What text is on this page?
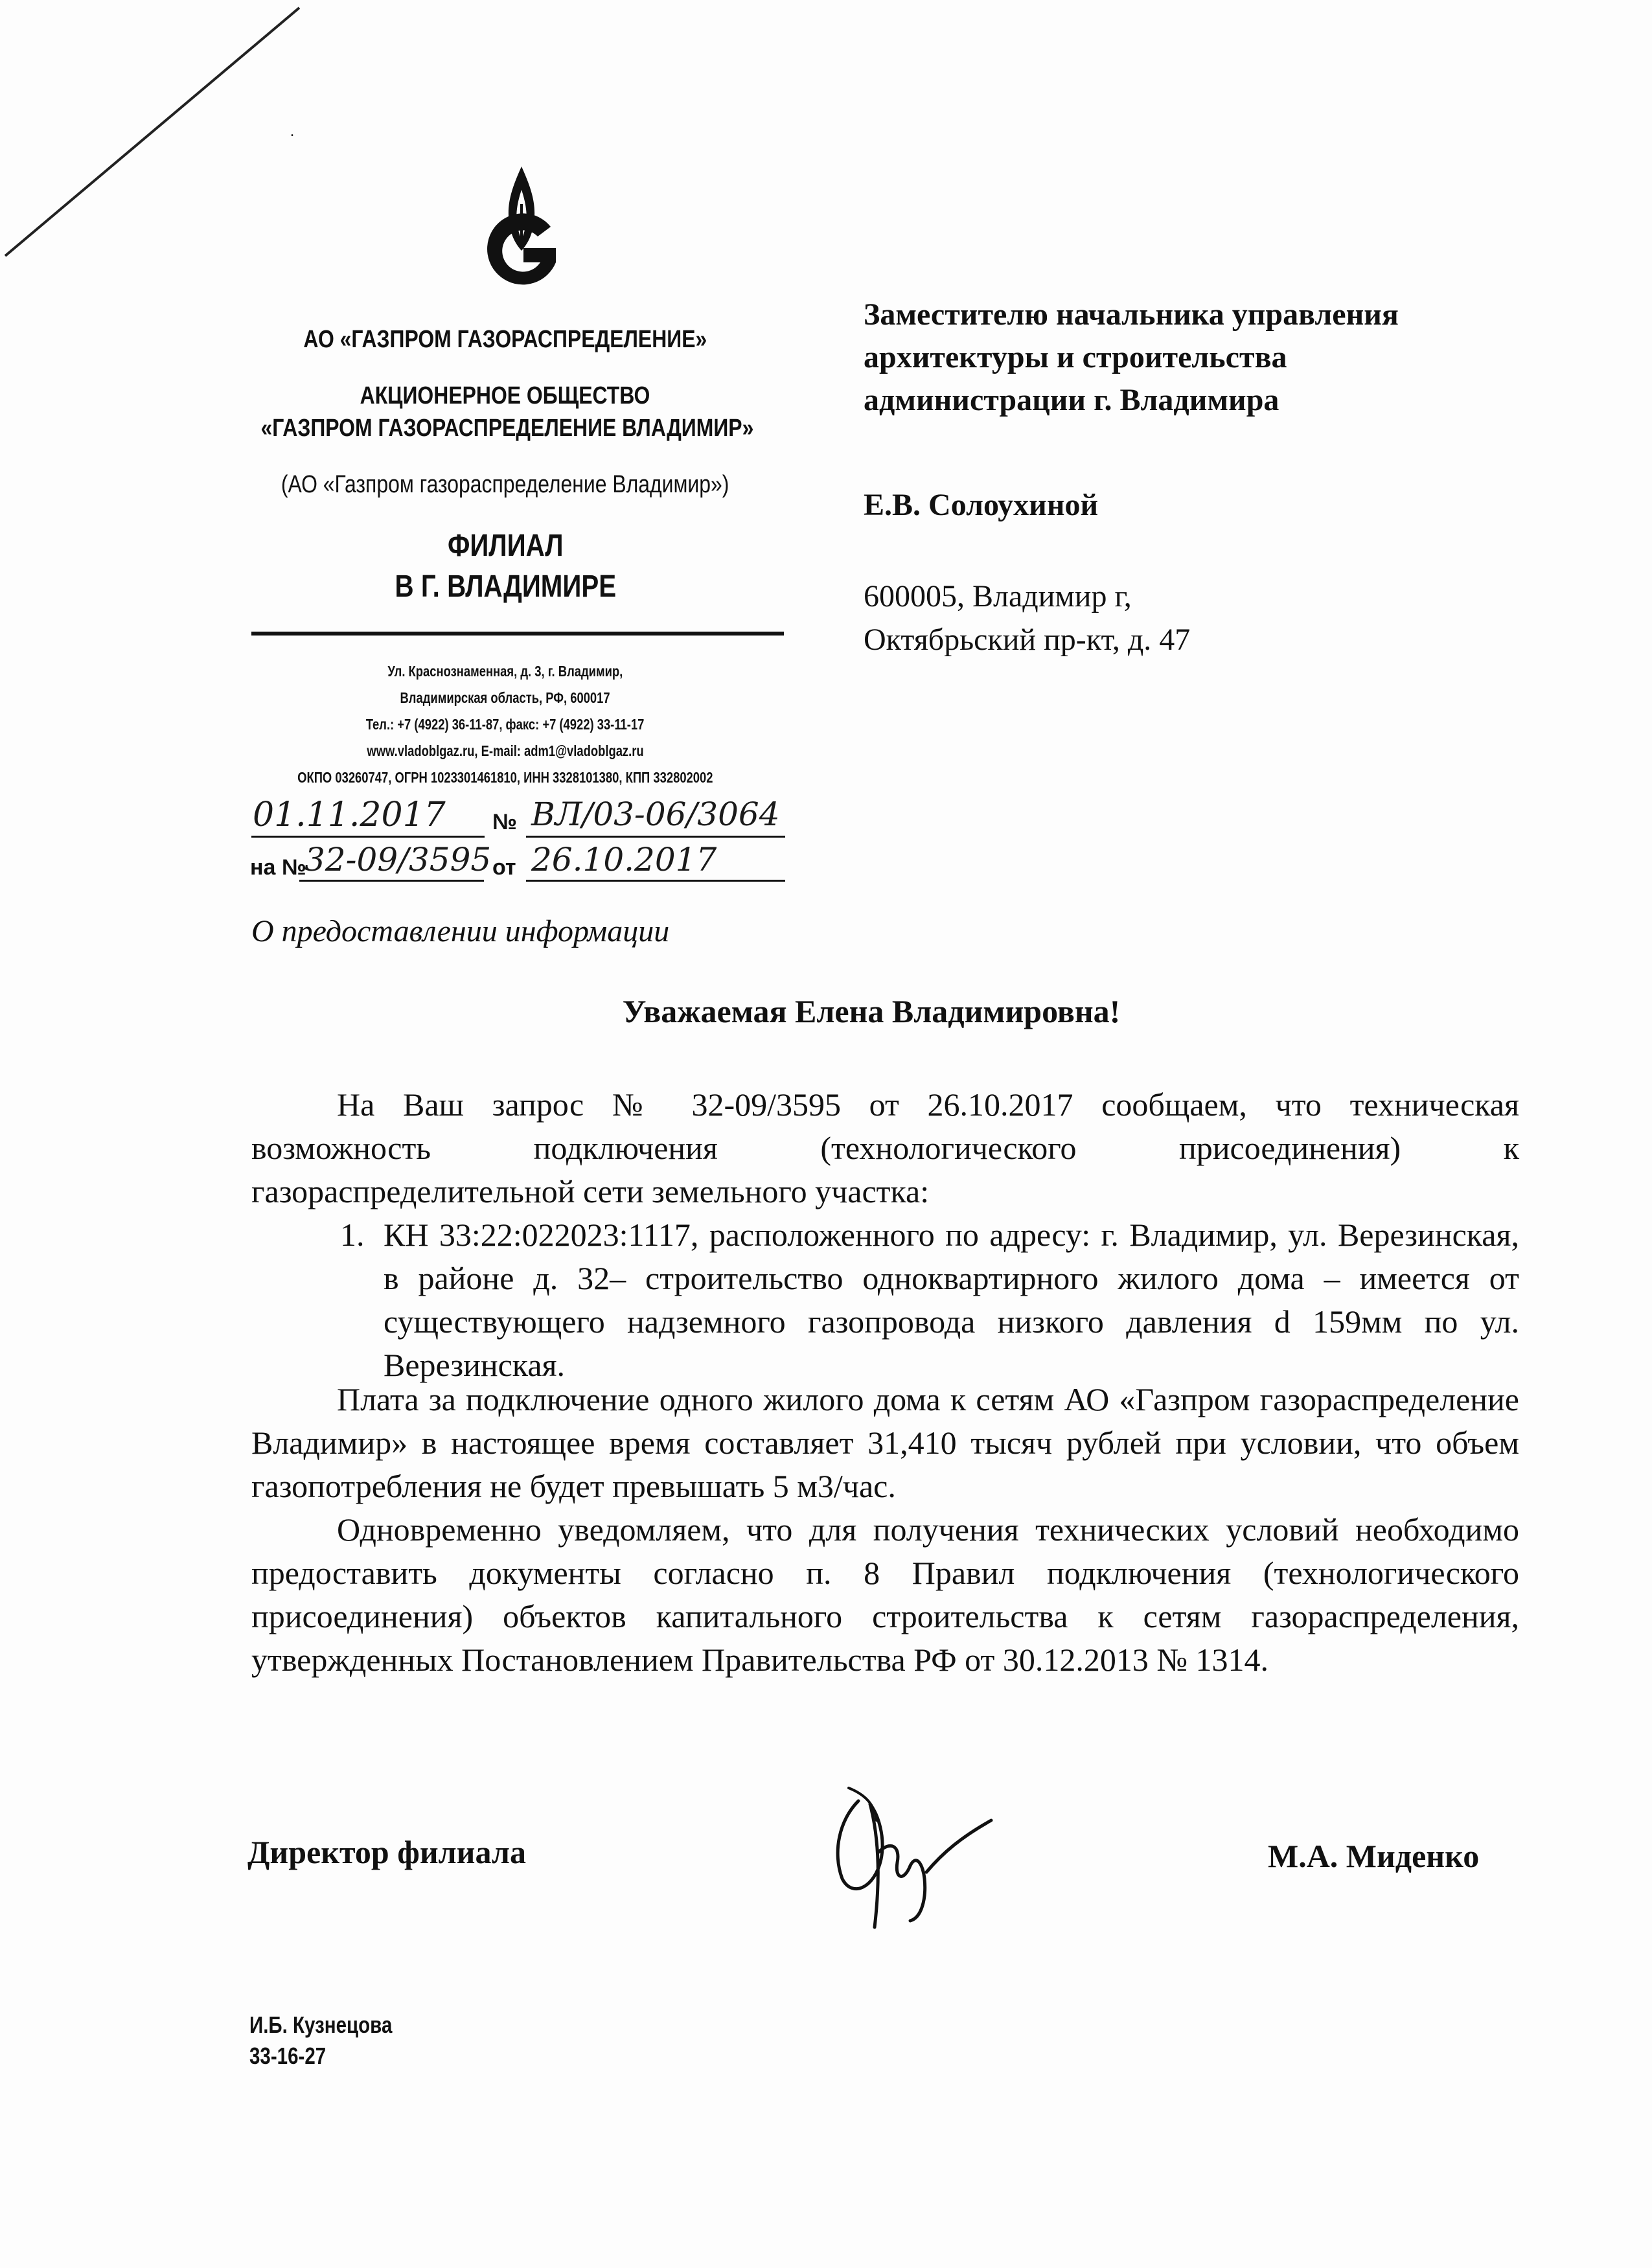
.
АО «ГАЗПРОМ ГАЗОРАСПРЕДЕЛЕНИЕ»
АКЦИОНЕРНОЕ ОБЩЕСТВО
«ГАЗПРОМ ГАЗОРАСПРЕДЕЛЕНИЕ ВЛАДИМИР»
(АО «Газпром газораспределение Владимир»)
ФИЛИАЛ
В Г. ВЛАДИМИРЕ
Ул. Краснознаменная, д. 3, г. Владимир,
Владимирская область, РФ, 600017
Тел.: +7 (4922) 36-11-87, факс: +7 (4922) 33-11-17
www.vladoblgaz.ru, E-mail: adm1@vladoblgaz.ru
ОКПО 03260747, ОГРН 1023301461810, ИНН 3328101380, КПП 332802002
01.11.2017 № ВЛ/03-06/3064
на №
32-09/3595 от 26.10.2017
Заместителю начальника управления
архитектуры и строительства
администрации г. Владимира
Е.В. Солоухиной
600005, Владимир г,
Октябрьский пр-кт, д. 47
О предоставлении информации
Уважаемая Елена Владимировна!
На Ваш запрос № 32-09/3595 от 26.10.2017 сообщаем, что техническая
возможность подключения (технологического присоединения) к
газораспределительной сети земельного участка:
1. КН 33:22:022023:1117, расположенного по адресу: г. Владимир, ул. Верезинская, в районе д. 32– строительство одноквартирного жилого дома – имеется от существующего надземного газопровода низкого давления d 159мм по ул. Верезинская.
Плата за подключение одного жилого дома к сетям АО «Газпром газораспределение Владимир» в настоящее время составляет 31,410 тысяч рублей при условии, что объем газопотребления не будет превышать 5 м3/час.
Одновременно уведомляем, что для получения технических условий необходимо предоставить документы согласно п. 8 Правил подключения (технологического присоединения) объектов капитального строительства к сетям газораспределения, утвержденных Постановлением Правительства РФ от 30.12.2013 № 1314.
Директор филиала	М.А. Миденко
И.Б. Кузнецова
33-16-27
